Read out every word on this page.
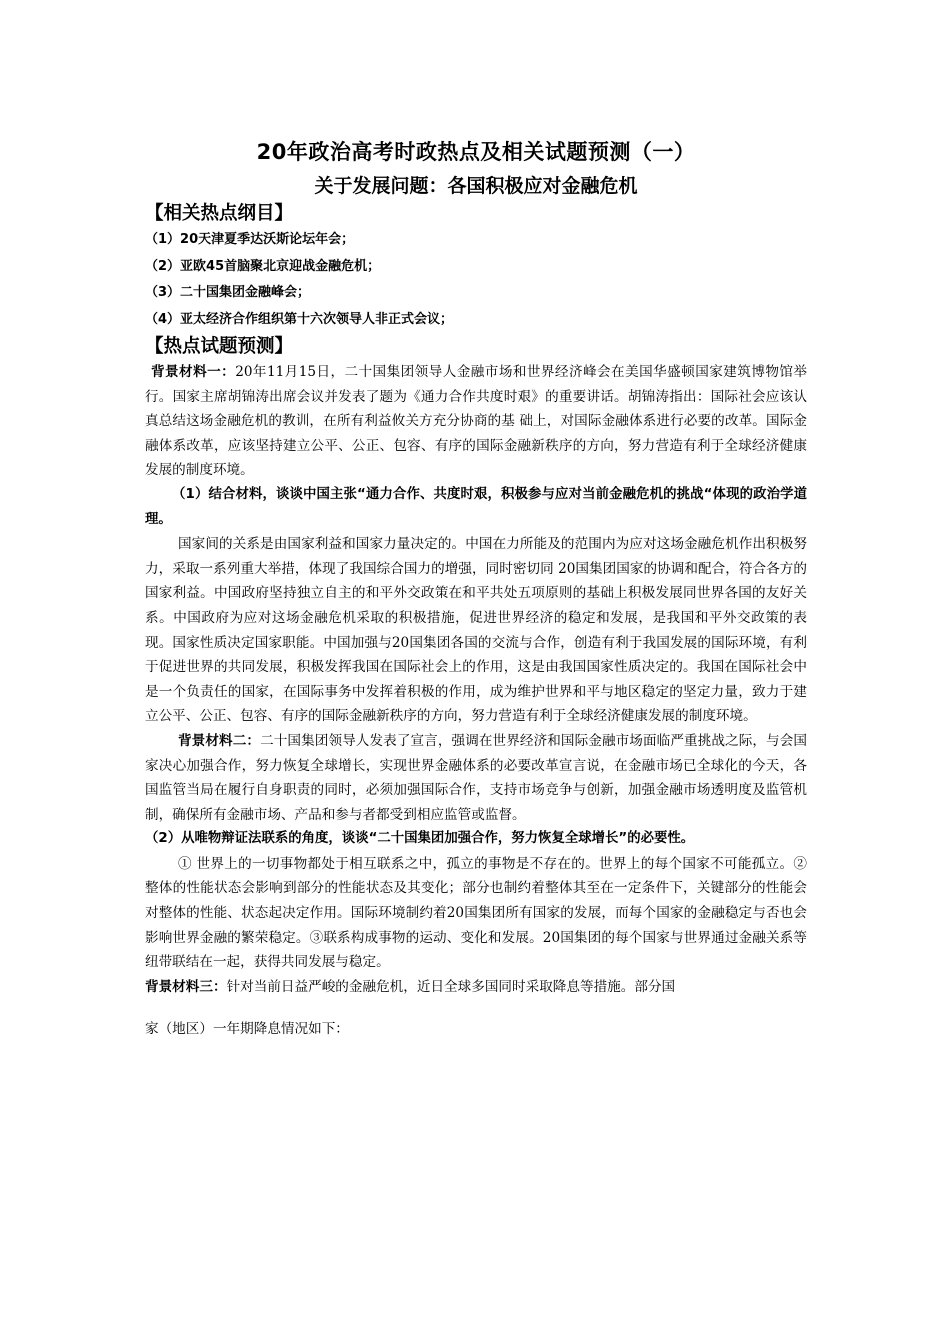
20年政治高考时政热点及相关试题预测（一）
关于发展问题：各国积极应对金融危机
【相关热点纲目】

（1）20天津夏季达沃斯论坛年会；

（2）亚欧45首脑聚北京迎战金融危机；

（3）二十国集团金融峰会；

（4）亚太经济合作组织第十六次领导人非正式会议；

【热点试题预测】

背景材料一：20年11月15日，二十国集团领导人金融市场和世界经济峰会在美国华盛顿国家建筑博物馆举行。国家主席胡锦涛出席会议并发表了题为《通力合作共度时艰》的重要讲话。胡锦涛指出：国际社会应该认真总结这场金融危机的教训，在所有利益攸关方充分协商的基 础上，对国际金融体系进行必要的改革。国际金融体系改革，应该坚持建立公平、公正、包容、有序的国际金融新秩序的方向，努力营造有利于全球经济健康发展的制度环境。

（1）结合材料，谈谈中国主张“通力合作、共度时艰，积极参与应对当前金融危机的挑战“体现的政治学道理。

国家间的关系是由国家利益和国家力量决定的。中国在力所能及的范围内为应对这场金融危机作出积极努力，采取一系列重大举措，体现了我国综合国力的增强，同时密切同 20国集团国家的协调和配合，符合各方的国家利益。中国政府坚持独立自主的和平外交政策在和平共处五项原则的基础上积极发展同世界各国的友好关系。中国政府为应对这场金融危机采取的积极措施，促进世界经济的稳定和发展，是我国和平外交政策的表现。国家性质决定国家职能。中国加强与20国集团各国的交流与合作，创造有利于我国发展的国际环境，有利于促进世界的共同发展，积极发挥我国在国际社会上的作用，这是由我国国家性质决定的。我国在国际社会中是一个负责任的国家，在国际事务中发挥着积极的作用，成为维护世界和平与地区稳定的坚定力量，致力于建立公平、公正、包容、有序的国际金融新秩序的方向，努力营造有利于全球经济健康发展的制度环境。

背景材料二：二十国集团领导人发表了宣言，强调在世界经济和国际金融市场面临严重挑战之际，与会国家决心加强合作，努力恢复全球增长，实现世界金融体系的必要改革宣言说，在金融市场已全球化的今天，各国监管当局在履行自身职责的同时，必须加强国际合作，支持市场竞争与创新，加强金融市场透明度及监管机制，确保所有金融市场、产品和参与者都受到相应监管或监督。

（2）从唯物辩证法联系的角度，谈谈“二十国集团加强合作，努力恢复全球增长”的必要性。

① 世界上的一切事物都处于相互联系之中，孤立的事物是不存在的。世界上的每个国家不可能孤立。②整体的性能状态会影响到部分的性能状态及其变化；部分也制约着整体其至在一定条件下，关键部分的性能会对整体的性能、状态起决定作用。国际环境制约着20国集团所有国家的发展，而每个国家的金融稳定与否也会影响世界金融的繁荣稳定。③联系构成事物的运动、变化和发展。20国集团的每个国家与世界通过金融关系等纽带联结在一起，获得共同发展与稳定。

背景材料三：针对当前日益严峻的金融危机，近日全球多国同时采取降息等措施。部分国

家（地区）一年期降息情况如下：
